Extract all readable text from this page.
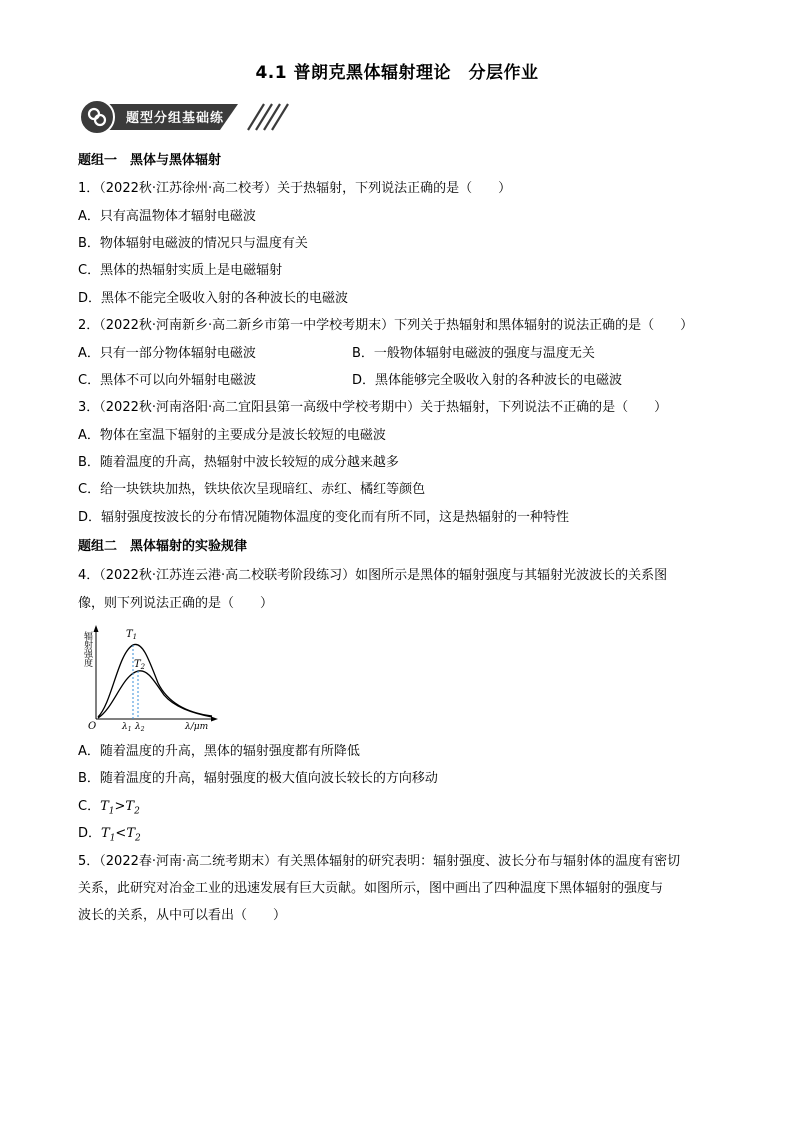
4.1 普朗克黑体辐射理论　分层作业
题型分组基础练
题组一　黑体与黑体辐射
1．（2022秋·江苏徐州·高二校考）关于热辐射，下列说法正确的是（　　）
A．只有高温物体才辐射电磁波
B．物体辐射电磁波的情况只与温度有关
C．黑体的热辐射实质上是电磁辐射
D．黑体不能完全吸收入射的各种波长的电磁波
2．（2022秋·河南新乡·高二新乡市第一中学校考期末）下列关于热辐射和黑体辐射的说法正确的是（　　）
A．只有一部分物体辐射电磁波	B．一般物体辐射电磁波的强度与温度无关
C．黑体不可以向外辐射电磁波	D．黑体能够完全吸收入射的各种波长的电磁波
3．（2022秋·河南洛阳·高二宜阳县第一高级中学校考期中）关于热辐射，下列说法不正确的是（　　）
A．物体在室温下辐射的主要成分是波长较短的电磁波
B．随着温度的升高，热辐射中波长较短的成分越来越多
C．给一块铁块加热，铁块依次呈现暗红、赤红、橘红等颜色
D．辐射强度按波长的分布情况随物体温度的变化而有所不同，这是热辐射的一种特性
题组二　黑体辐射的实验规律
4．（2022秋·江苏连云港·高二校联考阶段练习）如图所示是黑体的辐射强度与其辐射光波波长的关系图
像，则下列说法正确的是（　　）
辐射强度	$T_1$
$T_2$
O	$\lambda_1$ $\lambda_2$	λ/μm
A．随着温度的升高，黑体的辐射强度都有所降低
B．随着温度的升高，辐射强度的极大值向波长较长的方向移动
C．$T_1>T_2$
D．$T_1<T_2$
5．（2022春·河南·高二统考期末）有关黑体辐射的研究表明：辐射强度、波长分布与辐射体的温度有密切
关系，此研究对冶金工业的迅速发展有巨大贡献。如图所示，图中画出了四种温度下黑体辐射的强度与
波长的关系，从中可以看出（　　）
